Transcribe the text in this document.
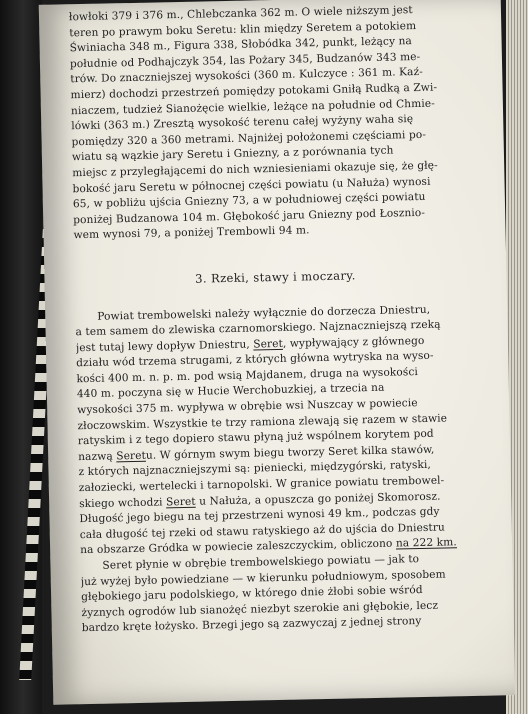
łowłoki 379 i 376 m., Chlebczanka 362 m. O wiele niższym jest
teren po prawym boku Seretu: klin między Seretem a potokiem
Świniacha 348 m., Figura 338, Słobódka 342, punkt, leżący na
południe od Podhajczyk 354, las Pożary 345, Budzanów 343 me-
trów. Do znaczniejszej wysokości (360 m. Kulczyce : 361 m. Kaź-
mierz) dochodzi przestrzeń pomiędzy potokami Gniłą Rudką a Zwi-
niaczem, tudzież Sianożęcie wielkie, leżące na południe od Chmie-
lówki (363 m.) Zresztą wysokość terenu całej wyżyny waha się
pomiędzy 320 a 360 metrami. Najniżej położonemi częściami po-
wiatu są wązkie jary Seretu i Gniezny, a z porównania tych
miejsc z przyległającemi do nich wzniesieniami okazuje się, że głę-
bokość jaru Seretu w północnej części powiatu (u Nałuża) wynosi
65, w pobliżu ujścia Gniezny 73, a w południowej części powiatu
poniżej Budzanowa 104 m. Głębokość jaru Gniezny pod Łosznio-
wem wynosi 79, a poniżej Trembowli 94 m.
3. Rzeki, stawy i moczary.
Powiat trembowelski należy wyłącznie do dorzecza Dniestru,
a tem samem do zlewiska czarnomorskiego. Najznaczniejszą rzeką
jest tutaj lewy dopływ Dniestru, Seret, wypływający z głównego
działu wód trzema strugami, z których główna wytryska na wyso-
kości 400 m. n. p. m. pod wsią Majdanem, druga na wysokości
440 m. poczyna się w Hucie Werchobuzkiej, a trzecia na
wysokości 375 m. wypływa w obrębie wsi Nuszcay w powiecie
złoczowskim. Wszystkie te trzy ramiona zlewają się razem w stawie
ratyskim i z tego dopiero stawu płyną już wspólnem korytem pod
nazwą Seretu. W górnym swym biegu tworzy Seret kilka stawów,
z których najznaczniejszymi są: pieniecki, międzygórski, ratyski,
załoziecki, wertelecki i tarnopolski. W granice powiatu trembowel-
skiego wchodzi Seret u Nałuża, a opuszcza go poniżej Skomorosz.
Długość jego biegu na tej przestrzeni wynosi 49 km., podczas gdy
cała długość tej rzeki od stawu ratyskiego aż do ujścia do Dniestru
na obszarze Gródka w powiecie zaleszczyckim, obliczono na 222 km.
Seret płynie w obrębie trembowelskiego powiatu — jak to
już wyżej było powiedziane — w kierunku południowym, sposobem
głębokiego jaru podolskiego, w którego dnie żłobi sobie wśród
żyznych ogrodów lub sianożęć niezbyt szerokie ani głębokie, lecz
bardzo kręte łożysko. Brzegi jego są zazwyczaj z jednej strony
